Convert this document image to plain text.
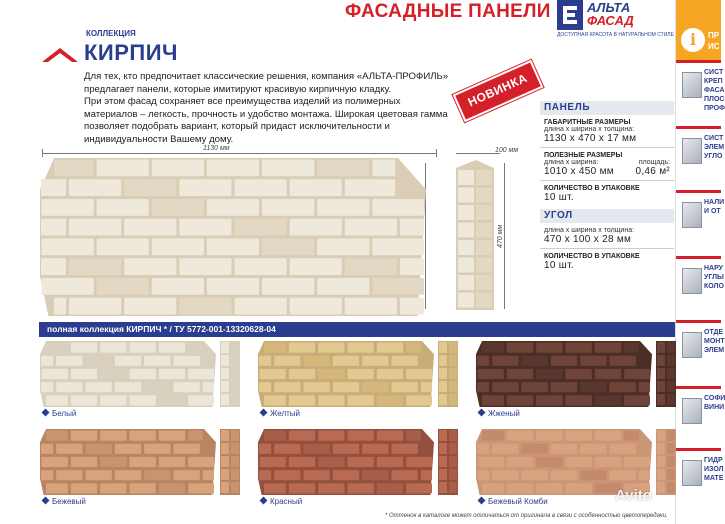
ФАСАДНЫЕ ПАНЕЛИ	АЛЬТА
ФАСАД
ДОСТУПНАЯ КРАСОТА В НАТУРАЛЬНОМ СТИЛЕ	i	ПР
ИС
СИСТ
КРЕП
ФАСА
ПЛОС
ПРОФ
СИСТ
ЭЛЕМ
УГЛО
НАЛИ
И ОТ
НАРУ
УГЛЫ
КОЛО
ОТДЕ
МОНТ
ЭЛЕМ
СОФИ
ВИНИ
ГИДР
ИЗОЛ
МАТЕ
КОЛЛЕКЦИЯ
КИРПИЧ

Для тех, кто предпочитает классические решения, компания «АЛЬТА-ПРОФИЛЬ» предлагает панели, которые имитируют красивую кирпичную кладку.

При этом фасад сохраняет все преимущества изделий из полимерных материалов – легкость, прочность и удобство монтажа. Широкая цветовая гамма позволяет подобрать вариант, который придаст исключительности и индивидуальности Вашему дому.

НОВИНКА
1130 мм	100 мм
470 мм
ПАНЕЛЬ
ГАБАРИТНЫЕ РАЗМЕРЫ
длина х ширина х толщина:
1130 х 470 х 17 мм
ПОЛЕЗНЫЕ РАЗМЕРЫ
длина х ширина:	площадь:
1010 х 450 мм	0,46 м²
КОЛИЧЕСТВО В УПАКОВКЕ
10 шт.
УГОЛ
длина х ширина х толщина:
470 х 100 х 28 мм
КОЛИЧЕСТВО В УПАКОВКЕ
10 шт.
полная коллекция КИРПИЧ * / ТУ 5772-001-13320628-04
Белый	Желтый	Жженый
Бежевый	Красный	Бежевый Комби
* Оттенок в каталоге может отличаться от оригинала в связи с особенностью цветопередачи.
Avito
